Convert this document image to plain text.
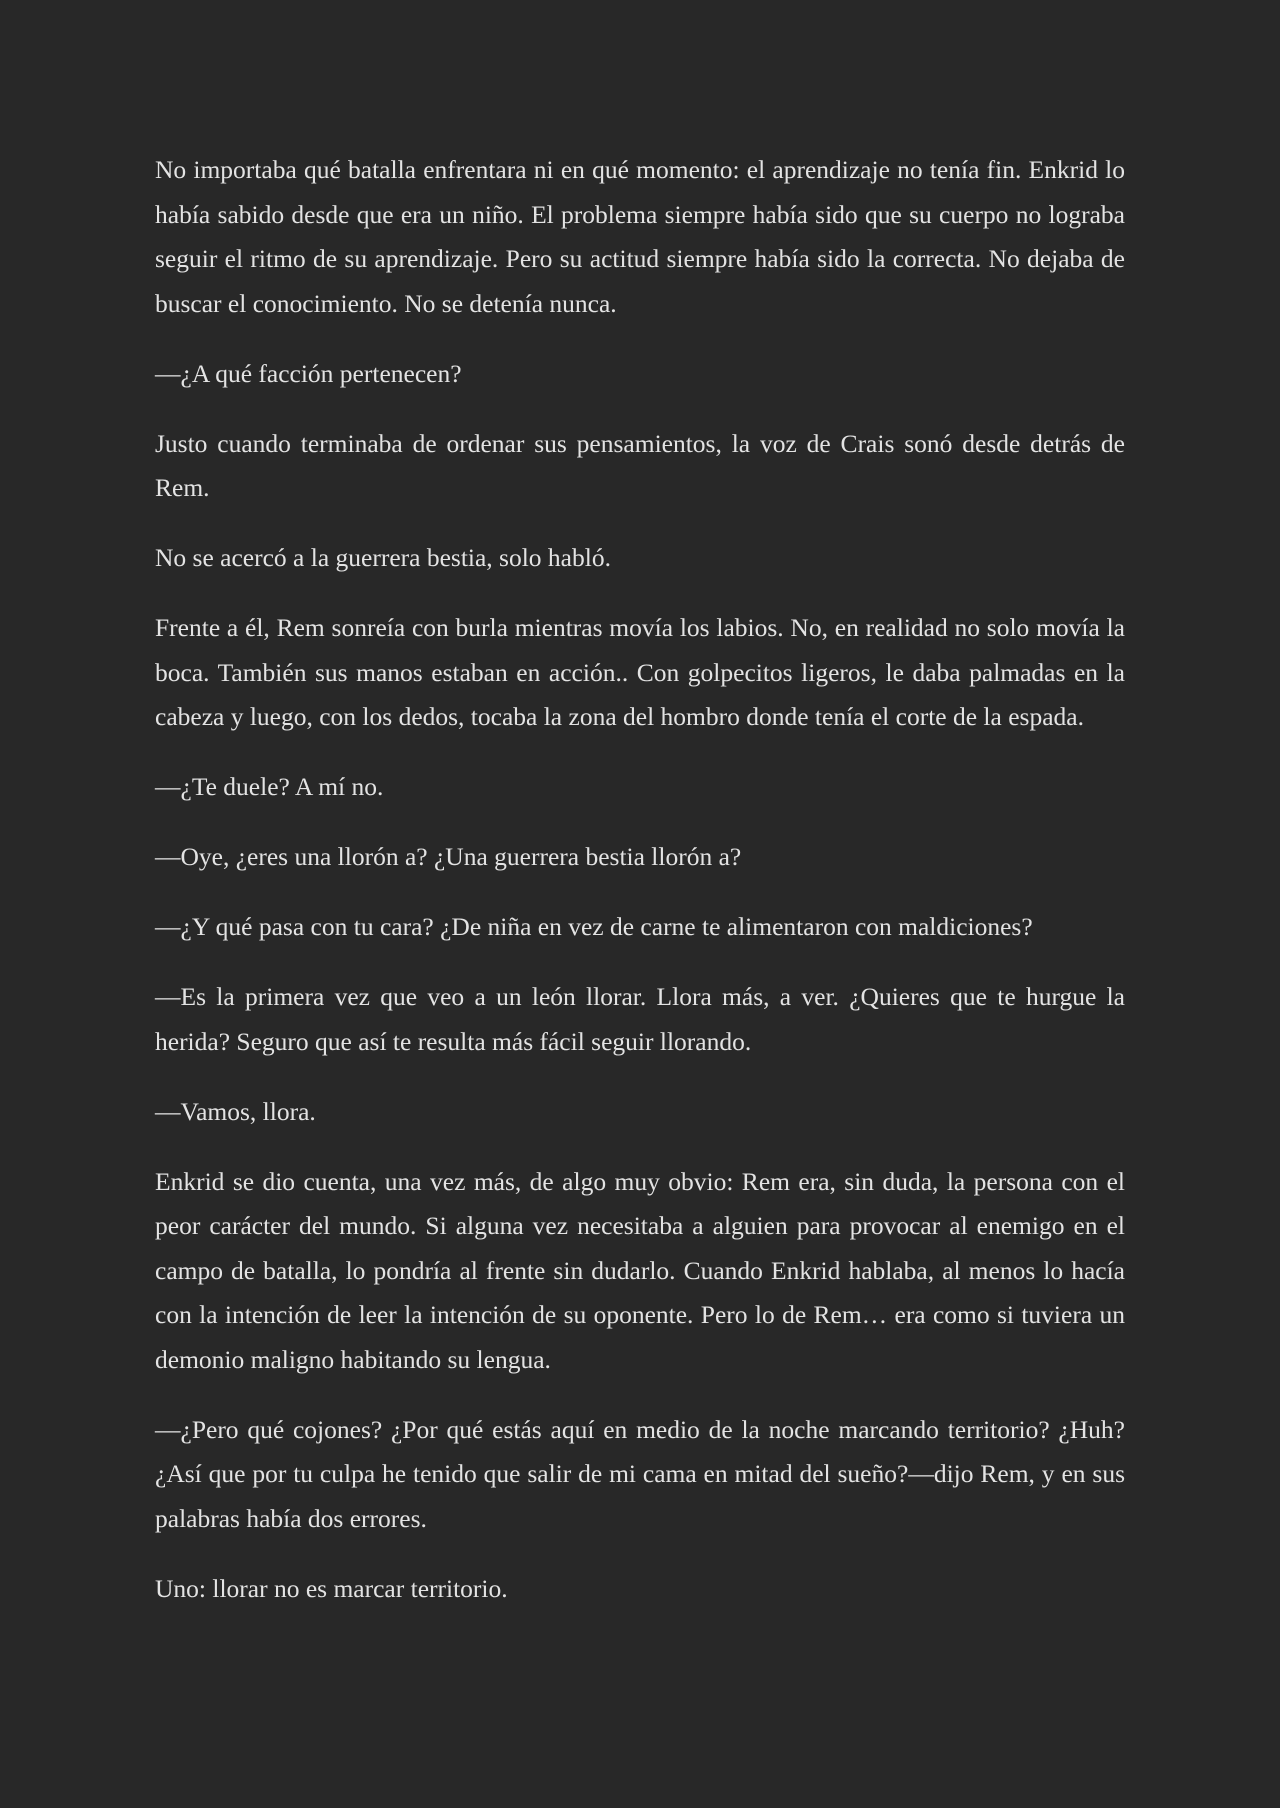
No importaba qué batalla enfrentara ni en qué momento: el aprendizaje no tenía fin. Enkrid lo había sabido desde que era un niño. El problema siempre había sido que su cuerpo no lograba seguir el ritmo de su aprendizaje. Pero su actitud siempre había sido la correcta. No dejaba de buscar el conocimiento. No se detenía nunca.

—¿A qué facción pertenecen?

Justo cuando terminaba de ordenar sus pensamientos, la voz de Crais sonó desde detrás de Rem.

No se acercó a la guerrera bestia, solo habló.

Frente a él, Rem sonreía con burla mientras movía los labios. No, en realidad no solo movía la boca. También sus manos estaban en acción.. Con golpecitos ligeros, le daba palmadas en la cabeza y luego, con los dedos, tocaba la zona del hombro donde tenía el corte de la espada.

—¿Te duele? A mí no.

—Oye, ¿eres una llorón a? ¿Una guerrera bestia llorón a?

—¿Y qué pasa con tu cara? ¿De niña en vez de carne te alimentaron con maldiciones?

—Es la primera vez que veo a un león llorar. Llora más, a ver. ¿Quieres que te hurgue la herida? Seguro que así te resulta más fácil seguir llorando.

—Vamos, llora.

Enkrid se dio cuenta, una vez más, de algo muy obvio: Rem era, sin duda, la persona con el peor carácter del mundo. Si alguna vez necesitaba a alguien para provocar al enemigo en el campo de batalla, lo pondría al frente sin dudarlo. Cuando Enkrid hablaba, al menos lo hacía con la intención de leer la intención de su oponente. Pero lo de Rem… era como si tuviera un demonio maligno habitando su lengua.

—¿Pero qué cojones? ¿Por qué estás aquí en medio de la noche marcando territorio? ¿Huh? ¿Así que por tu culpa he tenido que salir de mi cama en mitad del sueño?—dijo Rem, y en sus palabras había dos errores.

Uno: llorar no es marcar territorio.
